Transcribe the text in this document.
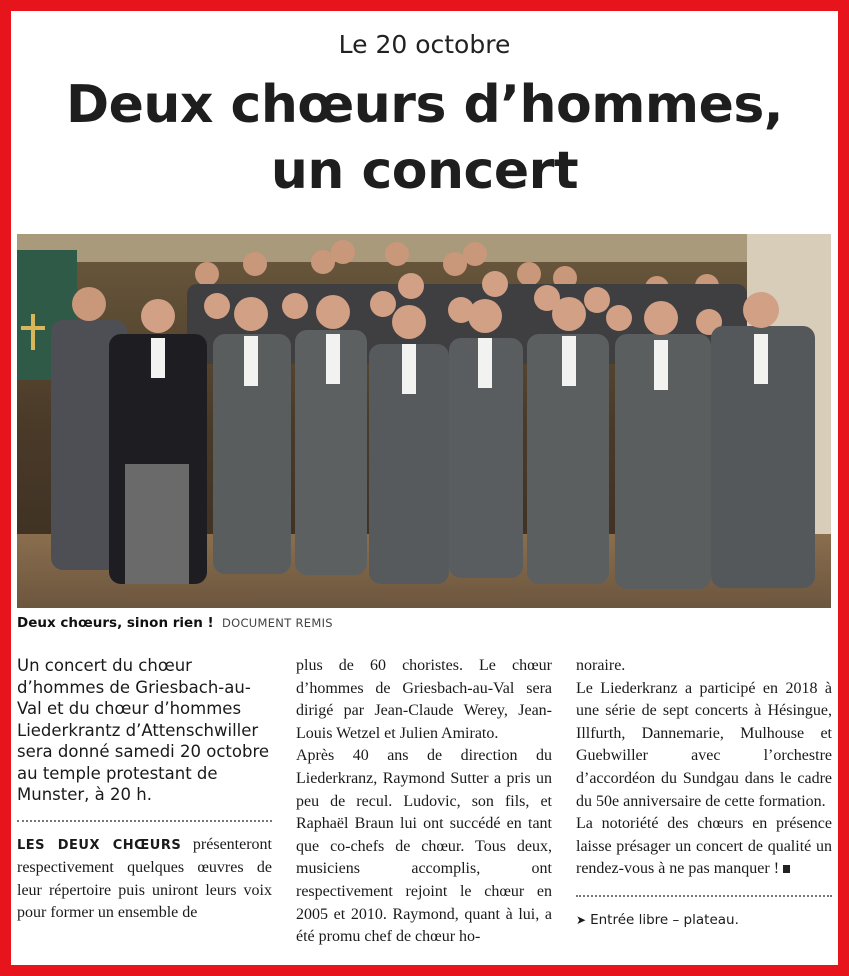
Le 20 octobre
Deux chœurs d’hommes,
un concert
Deux chœurs, sinon rien ! DOCUMENT REMIS

Un concert du chœur d’hommes de Griesbach-au-Val et du chœur d’hommes Liederkrantz d’Attenschwiller sera donné samedi 20 octobre au temple protestant de Munster, à 20 h.

LES DEUX CHŒURS présenteront respectivement quelques œuvres de leur répertoire puis uniront leurs voix pour former un ensemble de

plus de 60 choristes. Le chœur d’hommes de Griesbach-au-Val sera dirigé par Jean-Claude Werey, Jean-Louis Wetzel et Julien Amirato.

Après 40 ans de direction du Liederkranz, Raymond Sutter a pris un peu de recul. Ludovic, son fils, et Raphaël Braun lui ont succédé en tant que co-chefs de chœur. Tous deux, musiciens accomplis, ont respectivement rejoint le chœur en 2005 et 2010. Raymond, quant à lui, a été promu chef de chœur ho-

noraire.

Le Liederkranz a participé en 2018 à une série de sept concerts à Hésingue, Illfurth, Dannemarie, Mulhouse et Guebwiller avec l’orchestre d’accordéon du Sundgau dans le cadre du 50e anniversaire de cette formation.

La notoriété des chœurs en présence laisse présager un concert de qualité un rendez-vous à ne pas manquer !

➤ Entrée libre – plateau.
